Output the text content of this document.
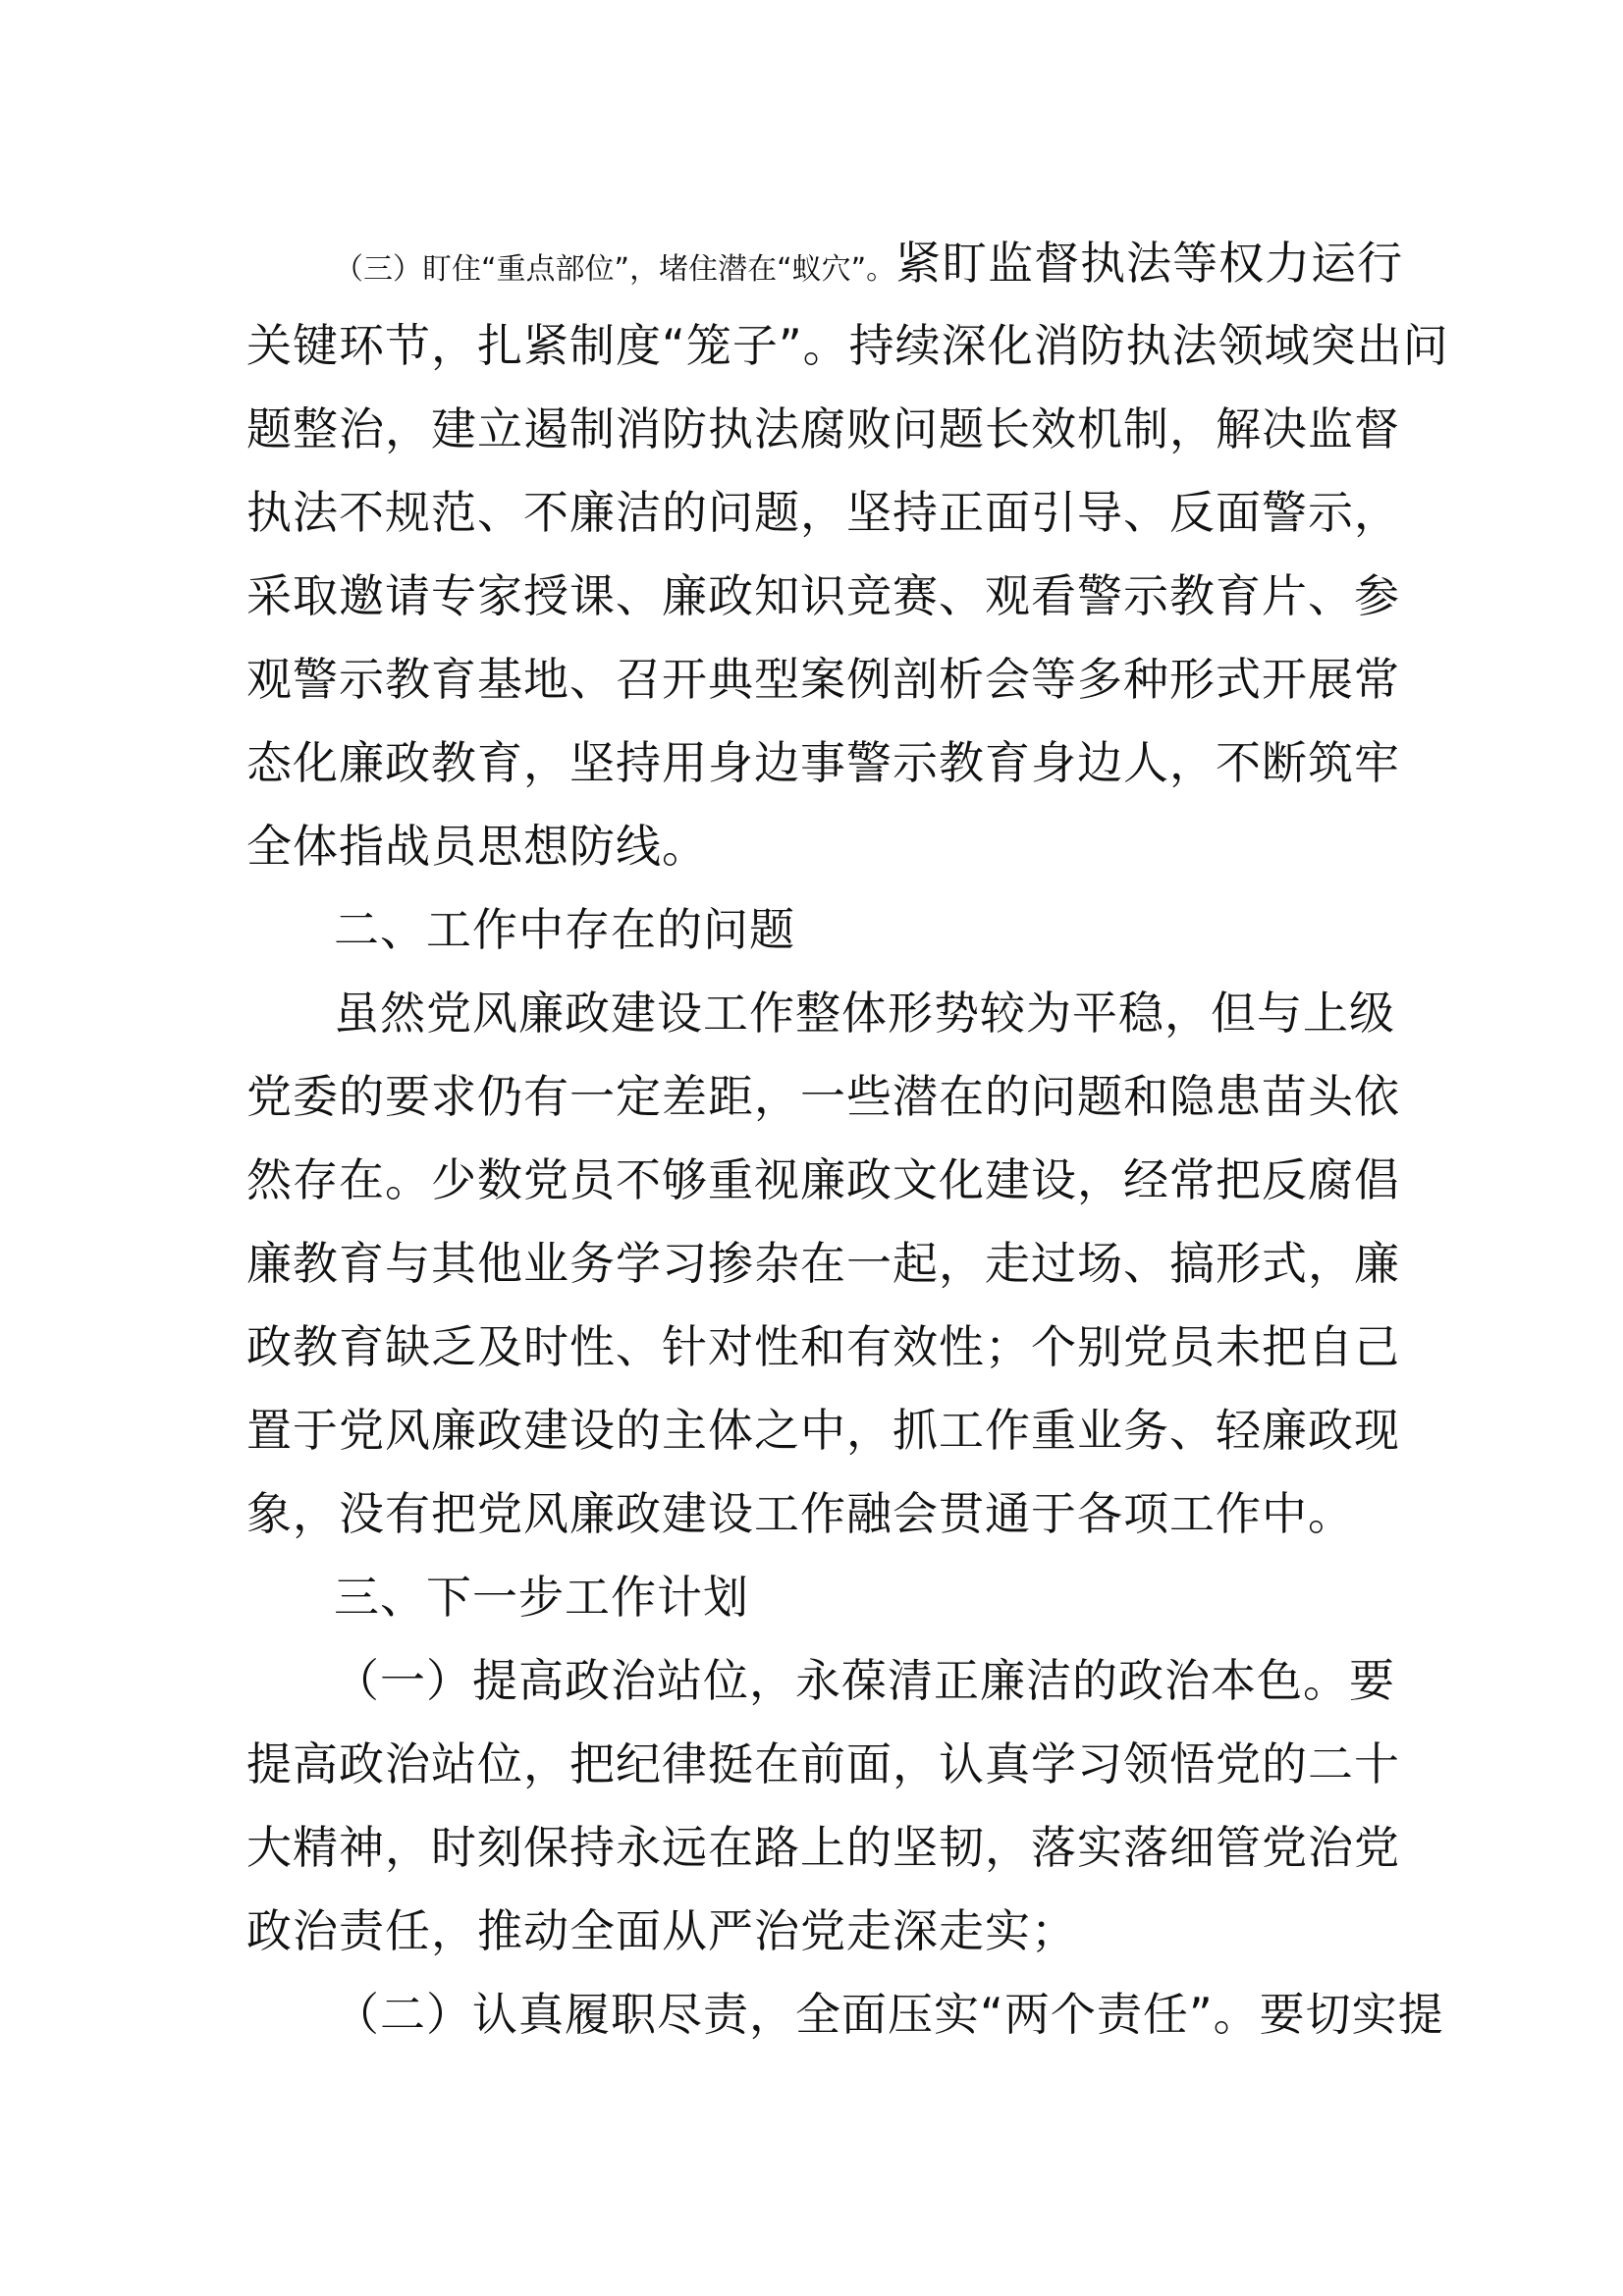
（三）盯住“重点部位”，堵住潜在“蚁穴”。紧盯监督执法等权力运行
关键环节，扎紧制度“笼子”。持续深化消防执法领域突出问
题整治，建立遏制消防执法腐败问题长效机制，解决监督
执法不规范、不廉洁的问题，坚持正面引导、反面警示，
采取邀请专家授课、廉政知识竞赛、观看警示教育片、参
观警示教育基地、召开典型案例剖析会等多种形式开展常
态化廉政教育，坚持用身边事警示教育身边人，不断筑牢
全体指战员思想防线。
二、工作中存在的问题
虽然党风廉政建设工作整体形势较为平稳，但与上级
党委的要求仍有一定差距，一些潜在的问题和隐患苗头依
然存在。少数党员不够重视廉政文化建设，经常把反腐倡
廉教育与其他业务学习掺杂在一起，走过场、搞形式，廉
政教育缺乏及时性、针对性和有效性；个别党员未把自己
置于党风廉政建设的主体之中，抓工作重业务、轻廉政现
象，没有把党风廉政建设工作融会贯通于各项工作中。
三、下一步工作计划
（一）提高政治站位，永葆清正廉洁的政治本色。要
提高政治站位，把纪律挺在前面，认真学习领悟党的二十
大精神，时刻保持永远在路上的坚韧，落实落细管党治党
政治责任，推动全面从严治党走深走实；
（二）认真履职尽责，全面压实“两个责任”。要切实提
